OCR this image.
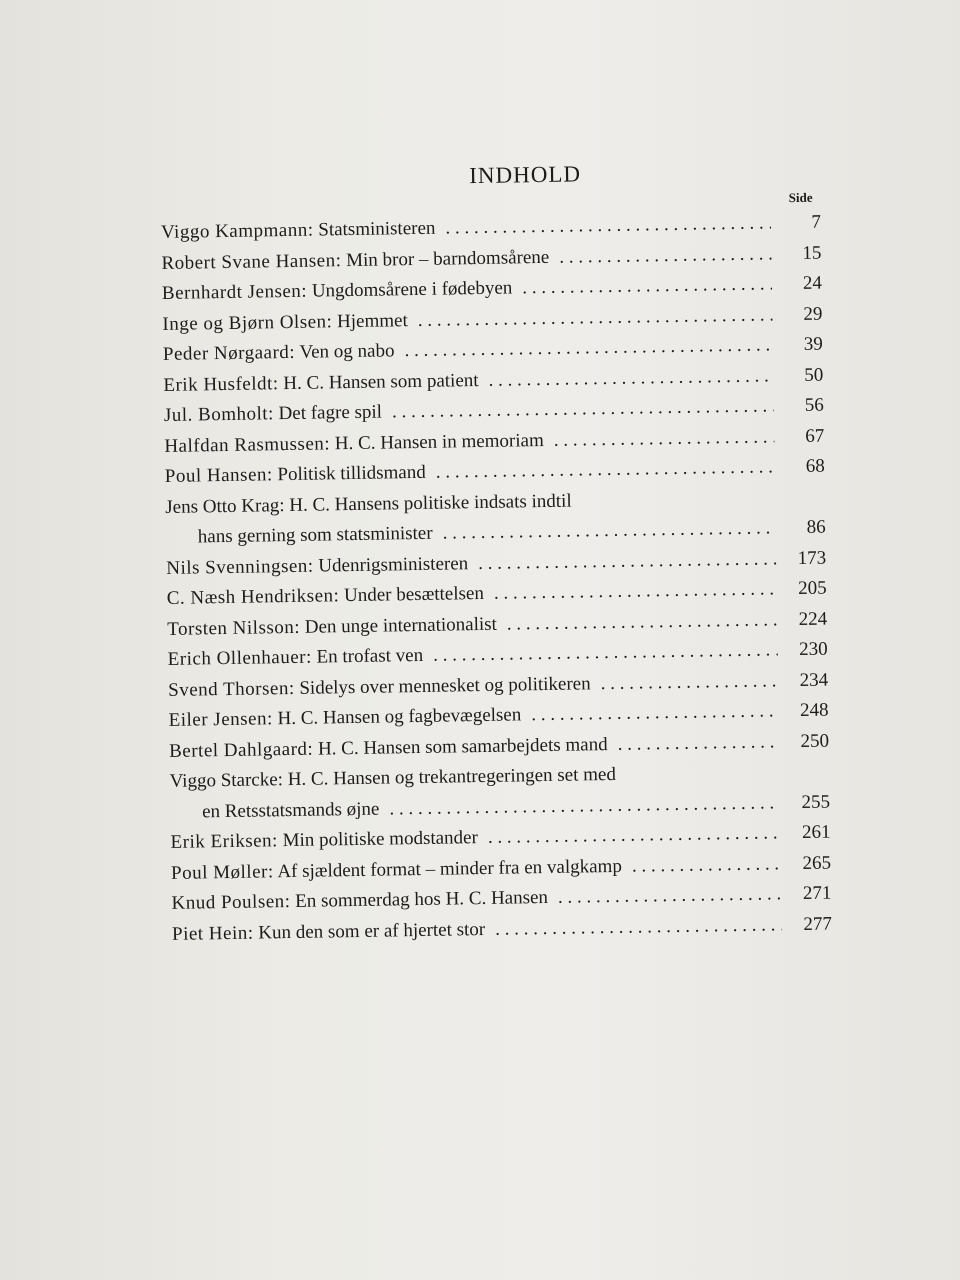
INDHOLD
Side
Viggo Kampmann: Statsministeren . . .	7
Robert Svane Hansen: Min bror – barndomsårene . . .	15
Bernhardt Jensen: Ungdomsårene i fødebyen . . .	24
Inge og Bjørn Olsen: Hjemmet . . .	29
Peder Nørgaard: Ven og nabo . . .	39
Erik Husfeldt: H. C. Hansen som patient . . .	50
Jul. Bomholt: Det fagre spil . . .	56
Halfdan Rasmussen: H. C. Hansen in memoriam . . .	67
Poul Hansen: Politisk tillidsmand . . .	68
Jens Otto Krag: H. C. Hansens politiske indsats indtil
hans gerning som statsminister . . .	86
Nils Svenningsen: Udenrigsministeren . . .	173
C. Næsh Hendriksen: Under besættelsen . . .	205
Torsten Nilsson: Den unge internationalist . . .	224
Erich Ollenhauer: En trofast ven . . .	230
Svend Thorsen: Sidelys over mennesket og politikeren . . .	234
Eiler Jensen: H. C. Hansen og fagbevægelsen . . .	248
Bertel Dahlgaard: H. C. Hansen som samarbejdets mand . . .	250
Viggo Starcke: H. C. Hansen og trekantregeringen set med
en Retsstatsmands øjne . . .	255
Erik Eriksen: Min politiske modstander . . .	261
Poul Møller: Af sjældent format – minder fra en valgkamp . . .	265
Knud Poulsen: En sommerdag hos H. C. Hansen . . .	271
Piet Hein: Kun den som er af hjertet stor . . .	277
